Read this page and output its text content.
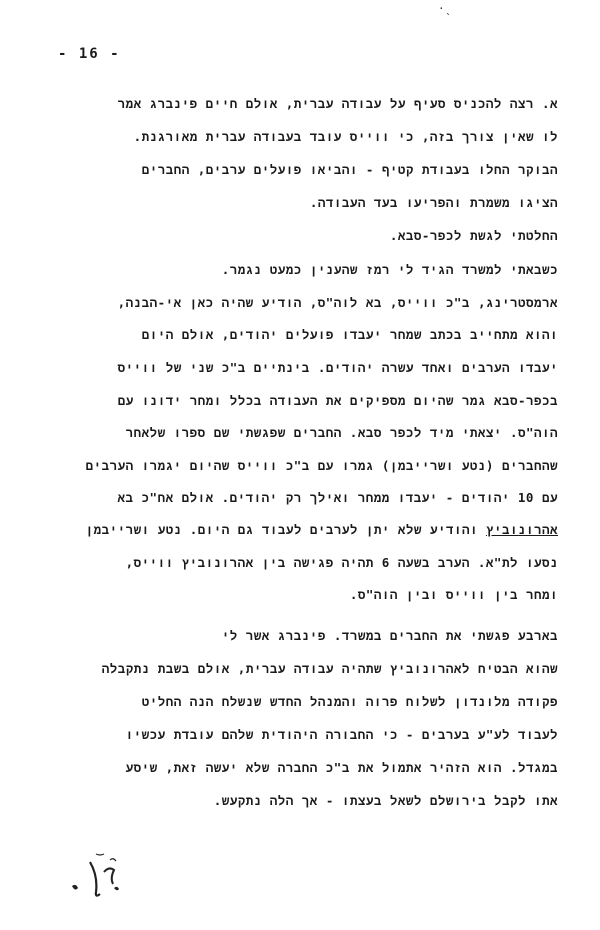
·ˎ
- 16 -
א. רצה להכניס סעיף על עבודה עברית, אולם חיים פינברג אמר
לו שאין צורך בזה, כי ווייס עובד בעבודה עברית מאורגנת.
הבוקר החלו בעבודת קטיף - והביאו פועלים ערבים, החברים
הציגו משמרת והפריעו בעד העבודה.
החלטתי לגשת לכפר-סבא.
כשבאתי למשרד הגיד לי רמז שהענין כמעט נגמר.
ארמסטרינג, ב"כ ווייס, בא לוה"ס, הודיע שהיה כאן אי-הבנה,
והוא מתחייב בכתב שמחר יעבדו פועלים יהודים, אולם היום
יעבדו הערבים ואחד עשרה יהודים. בינתיים ב"כ שני של ווייס
בכפר-סבא גמר שהיום מספיקים את העבודה בכלל ומחר ידונו עם
הוה"ס. יצאתי מיד לכפר סבא. החברים שפגשתי שם ספרו שלאחר
שהחברים (נטע ושרייבמן) גמרו עם ב"כ ווייס שהיום יגמרו הערבים
עם 10 יהודים - יעבדו ממחר ואילך רק יהודים. אולם אח"כ בא
אהרונוביץ והודיע שלא יתן לערבים לעבוד גם היום. נטע ושרייבמן
נסעו לת"א. הערב בשעה 6 תהיה פגישה בין אהרונוביץ ווייס,
ומחר בין ווייס ובין הוה"ס.
בארבע פגשתי את החברים במשרד. פינברג אשר לי
שהוא הבטיח לאהרונוביץ שתהיה עבודה עברית, אולם בשבת נתקבלה
פקודה מלונדון לשלוח פרוה והמנהל החדש שנשלח הנה החליט
לעבוד לע"ע בערבים - כי החבורה היהודית שלהם עובדת עכשיו
במגדל. הוא הזהיר אתמול את ב"כ החברה שלא יעשה זאת, שיסע
אתו לקבל בירושלם לשאל בעצתו - אך הלה נתקעש.
